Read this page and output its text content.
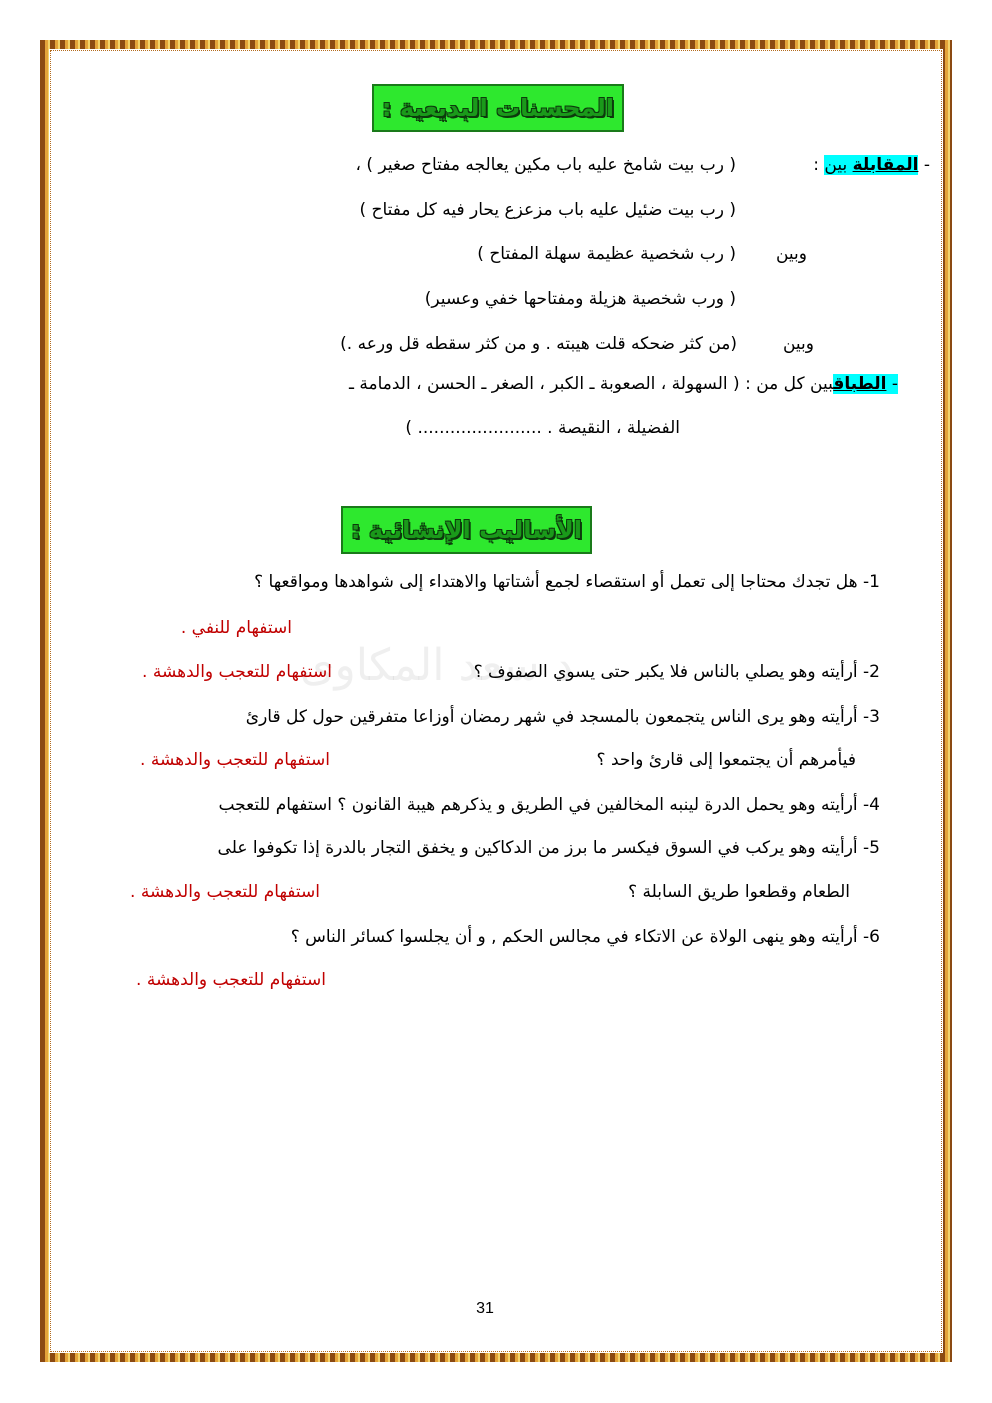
د سعد المكاوى
المحسنات البديعية :
- المقابلة بين :
( رب بيت شامخ عليه باب مكين يعالجه مفتاح صغير ) ،
( رب بيت ضئيل عليه باب مزعزع يحار فيه كل مفتاح )
وبين
( رب شخصية عظيمة سهلة المفتاح )
( ورب شخصية هزيلة ومفتاحها خفي وعسير)
وبين
(من كثر ضحكه قلت هيبته . و من كثر سقطه قل ورعه .)
- الطباقبين كل من : ( السهولة ، الصعوبة ـ الكبر ، الصغر ـ الحسن ، الدمامة ـ
الفضيلة ، النقيصة . ....................... )
الأساليب الإنشائية :
1- هل تجدك محتاجا إلى تعمل أو استقصاء لجمع أشتاتها والاهتداء إلى شواهدها ومواقعها ؟
استفهام للنفي .
2- أرأيته وهو يصلي بالناس فلا يكبر حتى يسوي الصفوف ؟
استفهام للتعجب والدهشة .
3- أرأيته وهو يرى الناس يتجمعون بالمسجد في شهر رمضان أوزاعا متفرقين حول كل قارئ
فيأمرهم أن يجتمعوا إلى قارئ واحد ؟
استفهام للتعجب والدهشة .
4- أرأيته وهو يحمل الدرة لينبه المخالفين في الطريق و يذكرهم هيبة القانون ؟ استفهام للتعجب
5- أرأيته وهو يركب في السوق فيكسر ما برز من الدكاكين و يخفق التجار بالدرة إذا تكوفوا على
الطعام وقطعوا طريق السابلة ؟
استفهام للتعجب والدهشة .
6- أرأيته وهو ينهى الولاة عن الاتكاء في مجالس الحكم , و أن يجلسوا كسائر الناس ؟
استفهام للتعجب والدهشة .
31
